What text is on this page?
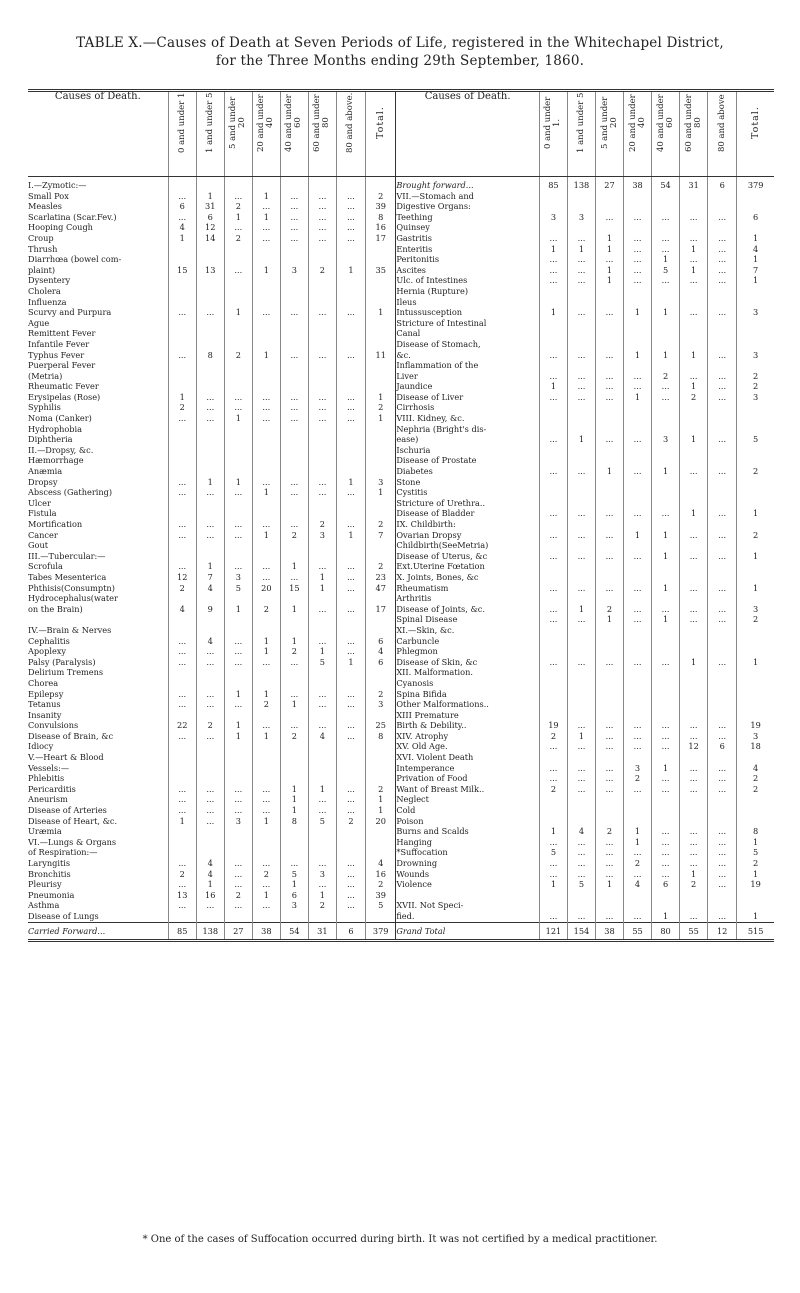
TABLE X.—Causes of Death at Seven Periods of Life, registered in the Whitechapel District,
for the Three Months ending 29th September, 1860.
Causes of Death.	0 and under 1	1 and under 5	5 and under 20	20 and under 40	40 and under 60	60 and under 80	80 and above.	Total.	Causes of Death.	0 and under 1.	1 and under 5	5 and under 20	20 and under 40	40 and under 60	60 and under 80	80 and above	Total.

I.—Zymotic:—									Brought forward...	85	138	27	38	54	31	6	379
Small Pox	...	1	...	1	...	...	...	2	VII.—Stomach and								
Measles	6	31	2	...	...	...	...	39	Digestive Organs:								
Scarlatina (Scar.Fev.)	...	6	1	1	...	...	...	8	Teething	3	3	...	...	...	...	...	6
Hooping Cough	4	12	...	...	...	...	...	16	Quinsey								
Croup	1	14	2	...	...	...	...	17	Gastritis	...	...	1	...	...	...	...	1
Thrush									Enteritis	1	1	1	...	...	1	...	4
Diarrhœa (bowel com-									Peritonitis	...	...	...	...	1	...	...	1
plaint)	15	13	...	1	3	2	1	35	Ascites	...	...	1	...	5	1	...	7
Dysentery									Ulc. of Intestines	...	...	1	...	...	...	...	1
Cholera									Hernia (Rupture)								
Influenza									Ileus								
Scurvy and Purpura	...	...	1	...	...	...	...	1	Intussusception	1	...	...	1	1	...	...	3
Ague									Stricture of Intestinal								
Remittent Fever									Canal								
Infantile Fever									Disease of Stomach,								
Typhus Fever	...	8	2	1	...	...	...	11	&c.	...	...	...	1	1	1	...	3
Puerperal Fever									Inflammation of the								
(Metria)									Liver	...	...	...	...	2	...	...	2
Rheumatic Fever									Jaundice	1	...	...	...	...	1	...	2
Erysipelas (Rose)	1	...	...	...	...	...	...	1	Disease of Liver	...	...	...	1	...	2	...	3
Syphilis	2	...	...	...	...	...	...	2	Cirrhosis								
Noma (Canker)	...	...	1	...	...	...	...	1	VIII. Kidney, &c.								
Hydrophobia									Nephria (Bright's dis-								
Diphtheria									ease)	...	1	...	...	3	1	...	5
II.—Dropsy, &c.									Ischuria								
Hæmorrhage									Disease of Prostate								
Anæmia									Diabetes	...	...	1	...	1	...	...	2
Dropsy	...	1	1	...	...	...	1	3	Stone								
Abscess (Gathering)	...	...	...	1	...	...	...	1	Cystitis								
Ulcer									Stricture of Urethra..								
Fistula									Disease of Bladder	...	...	...	...	...	1	...	1
Mortification	...	...	...	...	...	2	...	2	IX. Childbirth:								
Cancer	...	...	...	1	2	3	1	7	Ovarian Dropsy	...	...	...	1	1	...	...	2
Gout									Childbirth(SeeMetria)								
III.—Tubercular:—									Disease of Uterus, &c	...	...	...	...	1	...	...	1
Scrofula	...	1	...	...	1	...	...	2	Ext.Uterine Fœtation								
Tabes Mesenterica	12	7	3	...	...	1	...	23	X. Joints, Bones, &c								
Phthisis(Consumptn)	2	4	5	20	15	1	...	47	Rheumatism	...	...	...	...	1	...	...	1
Hydrocephalus(water									Arthritis								
on the Brain)	4	9	1	2	1	...	...	17	Disease of Joints, &c.	...	1	2	...	...	...	...	3
									Spinal Disease	...	...	1	...	1	...	...	2
IV.—Brain & Nerves									XI.—Skin, &c.								
Cephalitis	...	4	...	1	1	...	...	6	Carbuncle								
Apoplexy	...	...	...	1	2	1	...	4	Phlegmon								
Palsy (Paralysis)	...	...	...	...	...	5	1	6	Disease of Skin, &c	...	...	...	...	...	1	...	1
Delirium Tremens									XII. Malformation.								
Chorea									Cyanosis								
Epilepsy	...	...	1	1	...	...	...	2	Spina Bifida								
Tetanus	...	...	...	2	1	...	...	3	Other Malformations..								
Insanity									XIII Premature								
Convulsions	22	2	1	...	...	...	...	25	Birth & Debility..	19	...	...	...	...	...	...	19
Disease of Brain, &c	...	...	1	1	2	4	...	8	XIV. Atrophy	2	1	...	...	...	...	...	3
Idiocy									XV. Old Age.	...	...	...	...	...	12	6	18
V.—Heart & Blood									XVI. Violent Death								
Vessels:—									Intemperance	...	...	...	3	1	...	...	4
Phlebitis									Privation of Food	...	...	...	2	...	...	...	2
Pericarditis	...	...	...	...	1	1	...	2	Want of Breast Milk..	2	...	...	...	...	...	...	2
Aneurism	...	...	...	...	1	...	...	1	Neglect								
Disease of Arteries	...	...	...	...	1	...	...	1	Cold								
Disease of Heart, &c.	1	...	3	1	8	5	2	20	Poison								
Uræmia									Burns and Scalds	1	4	2	1	...	...	...	8
VI.—Lungs & Organs									Hanging	...	...	...	1	...	...	...	1
of Respiration:—									*Suffocation	5	...	...	...	...	...	...	5
Laryngitis	...	4	...	...	...	...	...	4	Drowning	...	...	...	2	...	...	...	2
Bronchitis	2	4	...	2	5	3	...	16	Wounds	...	...	...	...	...	1	...	1
Pleurisy	...	1	...	...	1	...	...	2	Violence	1	5	1	4	6	2	...	19
Pneumonia	13	16	2	1	6	1	...	39									
Asthma	...	...	...	...	3	2	...	5	XVII. Not Speci-								
Disease of Lungs									fied.	...	...	...	...	1	...	...	1
Carried Forward...	85	138	27	38	54	31	6	379	Grand Total	121	154	38	55	80	55	12	515
* One of the cases of Suffocation occurred during birth. It was not certified by a medical practitioner.
